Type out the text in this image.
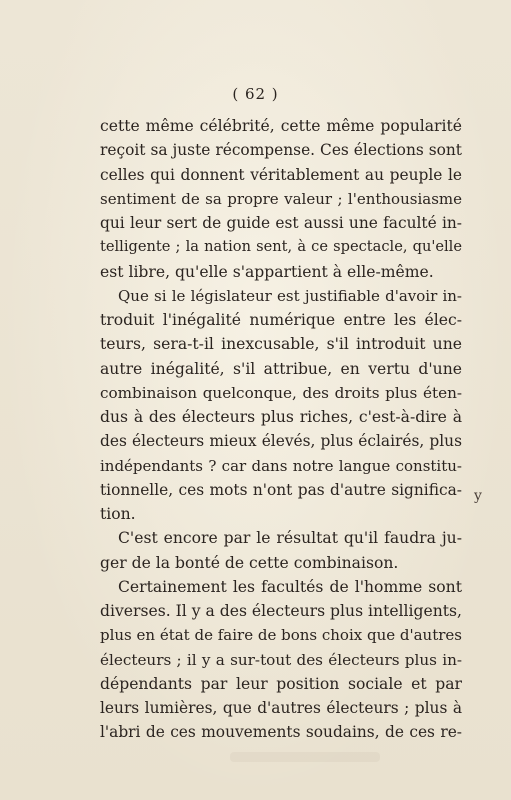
( 62 )
cette même célébrité, cette même popularité
reçoit sa juste récompense. Ces élections sont
celles qui donnent véritablement au peuple le
sentiment de sa propre valeur ; l'enthousiasme
qui leur sert de guide est aussi une faculté in-
telligente ; la nation sent, à ce spectacle, qu'elle
est libre, qu'elle s'appartient à elle-même.
Que si le législateur est justifiable d'avoir in-
troduit l'inégalité numérique entre les élec-
teurs, sera-t-il inexcusable, s'il introduit une
autre inégalité, s'il attribue, en vertu d'une
combinaison quelconque, des droits plus éten-
dus à des électeurs plus riches, c'est-à-dire à
des électeurs mieux élevés, plus éclairés, plus
indépendants ? car dans notre langue constitu-
tionnelle, ces mots n'ont pas d'autre significa-
tion.
C'est encore par le résultat qu'il faudra ju-
ger de la bonté de cette combinaison.
Certainement les facultés de l'homme sont
diverses. Il y a des électeurs plus intelligents,
plus en état de faire de bons choix que d'autres
électeurs ; il y a sur-tout des électeurs plus in-
dépendants par leur position sociale et par
leurs lumières, que d'autres électeurs ; plus à
l'abri de ces mouvements soudains, de ces re-
y
